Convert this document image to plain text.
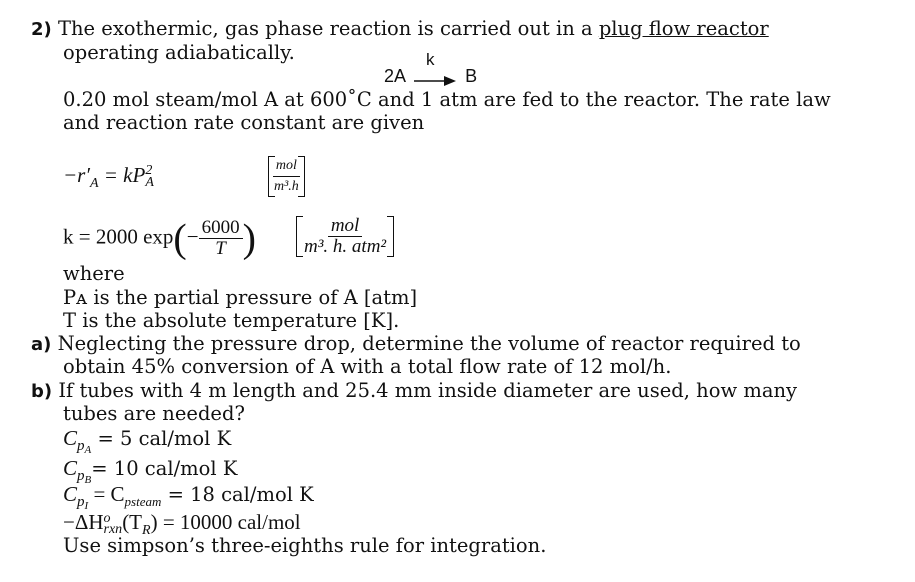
2) The exothermic, gas phase reaction is carried out in a plug flow reactor
operating adiabatically.
2A
k
B
0.20 mol steam/mol A at 600˚C and 1 atm are fed to the reactor. The rate law
and reaction rate constant are given
$-r'_A$ = kP 2
A	$\frac{\text{mol}}{\text{m³.h}}$
k = 2000 $\exp(- \frac{6000}{T}$ ) $\frac{\text{mol}}{\text{m³. h. atm²}}$
where
Pᴀ is the partial pressure of A [atm]
T is the absolute temperature [K].
a) Neglecting the pressure drop, determine the volume of reactor required to
obtain 45% conversion of A with a total flow rate of 12 mol/h.
b) If tubes with 4 m length and 25.4 mm inside diameter are used, how many
tubes are needed?
$C_{p_A} = 5$ cal/mol K
$C_{p_B}= 10$ cal/mol K
$C_{p_I} = C_{psteam} = 18$ cal/mol K
−ΔH o
rxn $(T_R) = 10000$ cal/mol
Use simpson’s three-eighths rule for integration.
